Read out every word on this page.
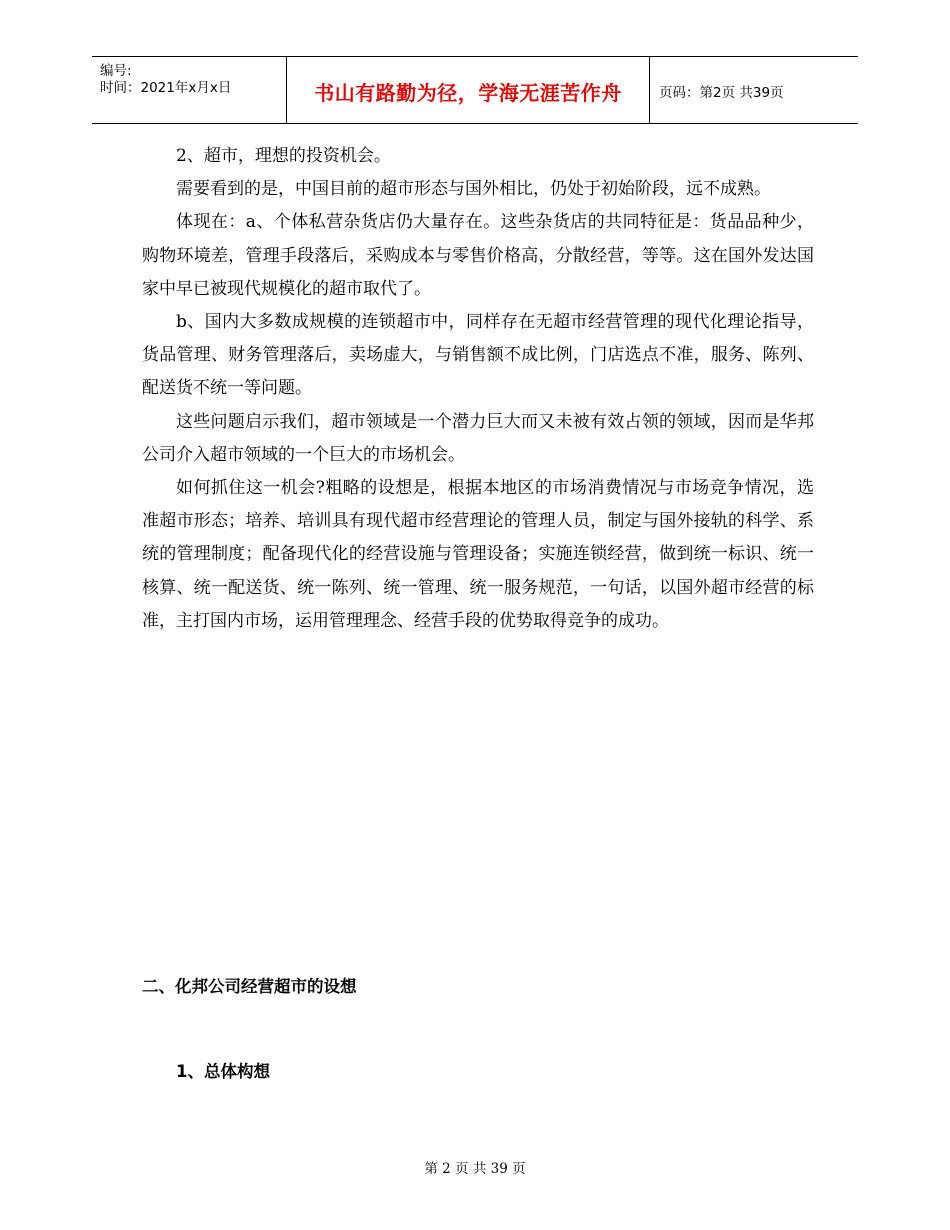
编号:
时间：2021年x月x日	书山有路勤为径，学海无涯苦作舟	页码：第2页 共39页

2、超市，理想的投资机会。

需要看到的是，中国目前的超市形态与国外相比，仍处于初始阶段，远不成熟。

体现在：a、个体私营杂货店仍大量存在。这些杂货店的共同特征是：货品品种少，购物环境差，管理手段落后，采购成本与零售价格高，分散经营，等等。这在国外发达国家中早已被现代规模化的超市取代了。

b、国内大多数成规模的连锁超市中，同样存在无超市经营管理的现代化理论指导，货品管理、财务管理落后，卖场虚大，与销售额不成比例，门店选点不准，服务、陈列、配送货不统一等问题。

这些问题启示我们，超市领域是一个潜力巨大而又未被有效占领的领域，因而是华邦公司介入超市领域的一个巨大的市场机会。

如何抓住这一机会?粗略的设想是，根据本地区的市场消费情况与市场竞争情况，选准超市形态；培养、培训具有现代超市经营理论的管理人员，制定与国外接轨的科学、系统的管理制度；配备现代化的经营设施与管理设备；实施连锁经营，做到统一标识、统一核算、统一配送货、统一陈列、统一管理、统一服务规范，一句话，以国外超市经营的标准，主打国内市场，运用管理理念、经营手段的优势取得竞争的成功。

二、化邦公司经营超市的设想
1、总体构想
第 2 页 共 39 页
